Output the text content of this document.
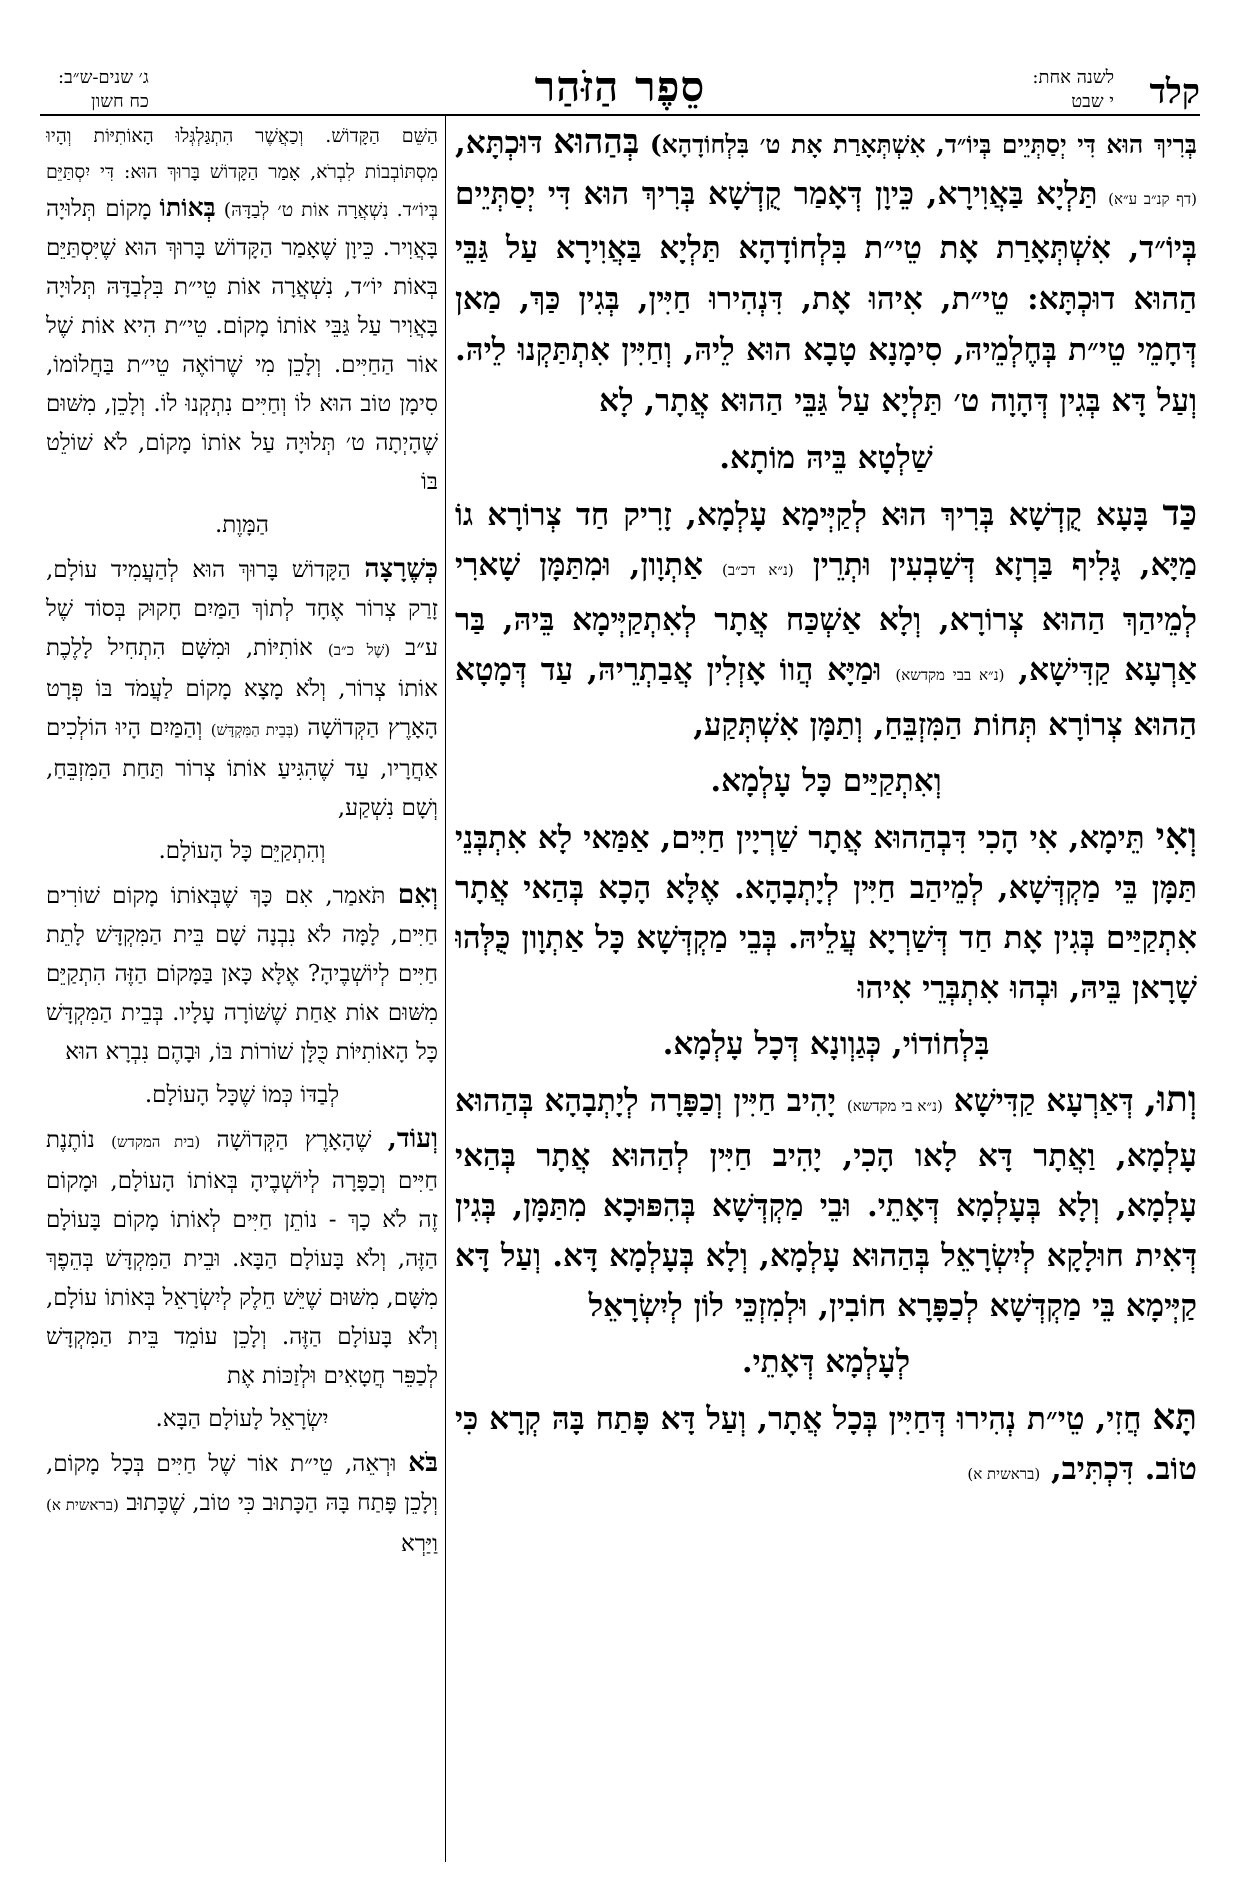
קלד
לשנה אחת:
י שבט
סֵפֶר הַזֹּהַר
ג׳ שנים-ש״ב:
כח חשון

בְּרִיךְ הוּא דִּי יְסַתְּיֵים בְּיוֹ״ד, אִשְׁתְּאָרַת אָת ט׳ בִּלְחוֹדָהָא) בְּהַהוּא דּוּכְתָּא, (דף קנ״ב ע״א) תַּלְיָא בַּאֲוִירָא, כֵּיוָן דְּאָמַר קֻדְשָׁא בְּרִיךְ הוּא דִּי יְסַתְּיֵים בְּיוֹ״ד, אִשְׁתְּאָרַת אָת טֵי״ת בִּלְחוֹדָהָא תַּלְיָא בַּאֲוִירָא עַל גַּבֵּי הַהוּא דוּכְתָּא: טֵי״ת, אִיהוּ אָת, דִּנְהִירוּ חַיִּין, בְּגִין כַּךְ, מַאן דְּחָמֵי טֵי״ת בְּחֶלְמֵיהּ, סִימָנָא טָבָא הוּא לֵיהּ, וְחַיִּין אִתְתַּקְנוּ לֵיהּ. וְעַל דָּא בְּגִין דְּהָוָה ט׳ תַּלְיָא עַל גַּבֵּי הַהוּא אֲתָר, לָא

שַׁלְטָא בֵּיהּ מוֹתָא.

כַּד בָּעָא קֻדְשָׁא בְּרִיךְ הוּא לְקַיְּימָא עָלְמָא, זָרִיק חַד צְרוֹרָא גוֹ מַיָּא, גָּלִיף בַּרְזָא דְּשַׁבְעִין וּתְרֵין (נ״א דכ״ב) אַתְוָון, וּמִתַּמָּן שָׁארִי לְמֵיהַךְ הַהוּא צְרוֹרָא, וְלָא אַשְׁכַּח אֲתָר לְאִתְקַיְּימָא בֵּיהּ, בַּר אַרְעָא קַדִּישָׁא, (נ״א בבי מקדשא) וּמַיָּא הֲווֹ אָזְלִין אֲבַתְרֵיהּ, עַד דְּמָטָא הַהוּא צְרוֹרָא תְּחוֹת הַמִּזְבֵּחַ, וְתַמָּן אִשְׁתְּקַע,

וְאִתְקַיַּים כָּל עָלְמָא.

וְאִי תֵּימָא, אִי הָכִי דִּבְהַהוּא אֲתָר שַׁרְיָין חַיִּים, אַמַּאי לָא אִתְבְּנֵי תַּמָּן בֵּי מַקְדְּשָׁא, לְמֵיהַב חַיִּין לְיָתְבָהָא. אֶלָּא הָכָא בְּהַאי אֲתָר אִתְקַיַּים בְּגִין אָת חַד דְּשַׁרְיָא עֲלֵיהּ. בְּבֵי מַקְדְּשָׁא כָּל אַתְוָון כֻּלְּהוּ שָׁרָאן בֵּיהּ, וּבְהוּ אִתְבְּרֵי אִיהוּ

בִּלְחוֹדוֹי, כְּגַוְונָא דְּכָל עָלְמָא.

וְתוּ, דְּאַרְעָא קַדִּישָׁא (נ״א בי מקדשא) יָהִיב חַיִּין וְכַפָּרָה לְיָתְבָהָא בְּהַהוּא עָלְמָא, וַאֲתָר דָּא לָאו הָכִי, יָהִיב חַיִּין לְהַהוּא אֲתָר בְּהַאי עָלְמָא, וְלָא בְּעָלְמָא דְּאָתֵי. וּבֵי מַקְדְּשָׁא בְּהִפּוּכָא מִתַּמָּן, בְּגִין דְּאִית חוּלָקָא לְיִשְׂרָאֵל בְּהַהוּא עָלְמָא, וְלָא בְּעָלְמָא דָּא. וְעַל דָּא קַיְּימָא בֵּי מַקְדְּשָׁא לְכַפָּרָא חוֹבִין, וּלְמִזְכֵּי לוֹן לְיִשְׂרָאֵל

לְעָלְמָא דְּאָתֵי.

תָּא חֲזִי, טֵי״ת נְהִירוּ דְּחַיִּין בְּכָל אֲתָר, וְעַל דָּא פָּתַח בָּהּ קְרָא כִּי טוֹב. דִּכְתִּיב, (בראשית א)

הַשֵּׁם הַקָּדוֹשׁ. וְכַאֲשֶׁר הִתְגַּלְגְּלוּ הָאוֹתִיּוֹת וְהָיוּ מִסְתּוֹבְבוֹת לִבְרֹא, אָמַר הַקָּדוֹשׁ בָּרוּךְ הוּא: דִּי יִסְתַּיֵּם בְּיוֹ״ד. נִשְׁאֲרָה אוֹת ט׳ לְבַדָּהּ) בְּאוֹתוֹ מָקוֹם תְּלוּיָה בָּאֲוִיר. כֵּיוָן שֶׁאָמַר הַקָּדוֹשׁ בָּרוּךְ הוּא שֶׁיִּסְתַּיֵּם בְּאוֹת יוֹ״ד, נִשְׁאֲרָה אוֹת טֵי״ת בִּלְבַדָּהּ תְּלוּיָה בָּאֲוִיר עַל גַּבֵּי אוֹתוֹ מָקוֹם. טֵי״ת הִיא אוֹת שֶׁל אוֹר הַחַיִּים. וְלָכֵן מִי שֶׁרוֹאֶה טֵי״ת בַּחֲלוֹמוֹ, סִימָן טוֹב הוּא לוֹ וְחַיִּים נִתְקְנוּ לוֹ. וְלָכֵן, מִשּׁוּם שֶׁהָיְתָה ט׳ תְּלוּיָה עַל אוֹתוֹ מָקוֹם, לֹא שׁוֹלֵט בּוֹ

הַמָּוֶת.

כְּשֶׁרָצָה הַקָּדוֹשׁ בָּרוּךְ הוּא לְהַעֲמִיד עוֹלָם, זָרַק צְרוֹר אֶחָד לְתוֹךְ הַמַּיִם חָקוּק בְּסוֹד שֶׁל ע״ב (שֶׁל כ״ב) אוֹתִיּוֹת, וּמִשָּׁם הִתְחִיל לָלֶכֶת אוֹתוֹ צְרוֹר, וְלֹא מָצָא מָקוֹם לַעֲמֹד בּוֹ פְּרָט הָאָרֶץ הַקְּדוֹשָׁה (בְּבֵית הַמִּקְדָּשׁ) וְהַמַּיִם הָיוּ הוֹלְכִים אַחֲרָיו, עַד שֶׁהִגִּיעַ אוֹתוֹ צְרוֹר תַּחַת הַמִּזְבֵּחַ, וְשָׁם נִשְׁקַע,

וְהִתְקַיֵּם כָּל הָעוֹלָם.

וְאִם תֹּאמַר, אִם כָּךְ שֶׁבְּאוֹתוֹ מָקוֹם שׁוֹרִים חַיִּים, לָמָּה לֹא נִבְנָה שָׁם בֵּית הַמִּקְדָּשׁ לָתֵת חַיִּים לְיוֹשְׁבֶיהָ? אֶלָּא כָּאן בַּמָּקוֹם הַזֶּה הִתְקַיֵּם מִשּׁוּם אוֹת אַחַת שֶׁשּׁוֹרָה עָלָיו. בְּבֵית הַמִּקְדָּשׁ כָּל הָאוֹתִיּוֹת כֻּלָּן שׁוֹרוֹת בּוֹ, וּבָהֶם נִבְרָא הוּא

לְבַדּוֹ כְּמוֹ שֶׁכָּל הָעוֹלָם.

וְעוֹד, שֶׁהָאָרֶץ הַקְּדוֹשָׁה (בית המקדש) נוֹתֶנֶת חַיִּים וְכַפָּרָה לְיוֹשְׁבֶיהָ בְּאוֹתוֹ הָעוֹלָם, וּמָקוֹם זֶה לֹא כָךְ - נוֹתֵן חַיִּים לְאוֹתוֹ מָקוֹם בָּעוֹלָם הַזֶּה, וְלֹא בָּעוֹלָם הַבָּא. וּבֵית הַמִּקְדָּשׁ בְּהֵפֶךְ מִשָּׁם, מִשּׁוּם שֶׁיֵּשׁ חֵלֶק לְיִשְׂרָאֵל בְּאוֹתוֹ עוֹלָם, וְלֹא בָּעוֹלָם הַזֶּה. וְלָכֵן עוֹמֵד בֵּית הַמִּקְדָּשׁ לְכַפֵּר חֲטָאִים וּלְזַכּוֹת אֶת

יִשְׂרָאֵל לָעוֹלָם הַבָּא.

בֹּא וּרְאֵה, טֵי״ת אוֹר שֶׁל חַיִּים בְּכָל מָקוֹם, וְלָכֵן פָּתַח בָּהּ הַכָּתוּב כִּי טוֹב, שֶׁכָּתוּב (בראשית א) וַיַּרְא
